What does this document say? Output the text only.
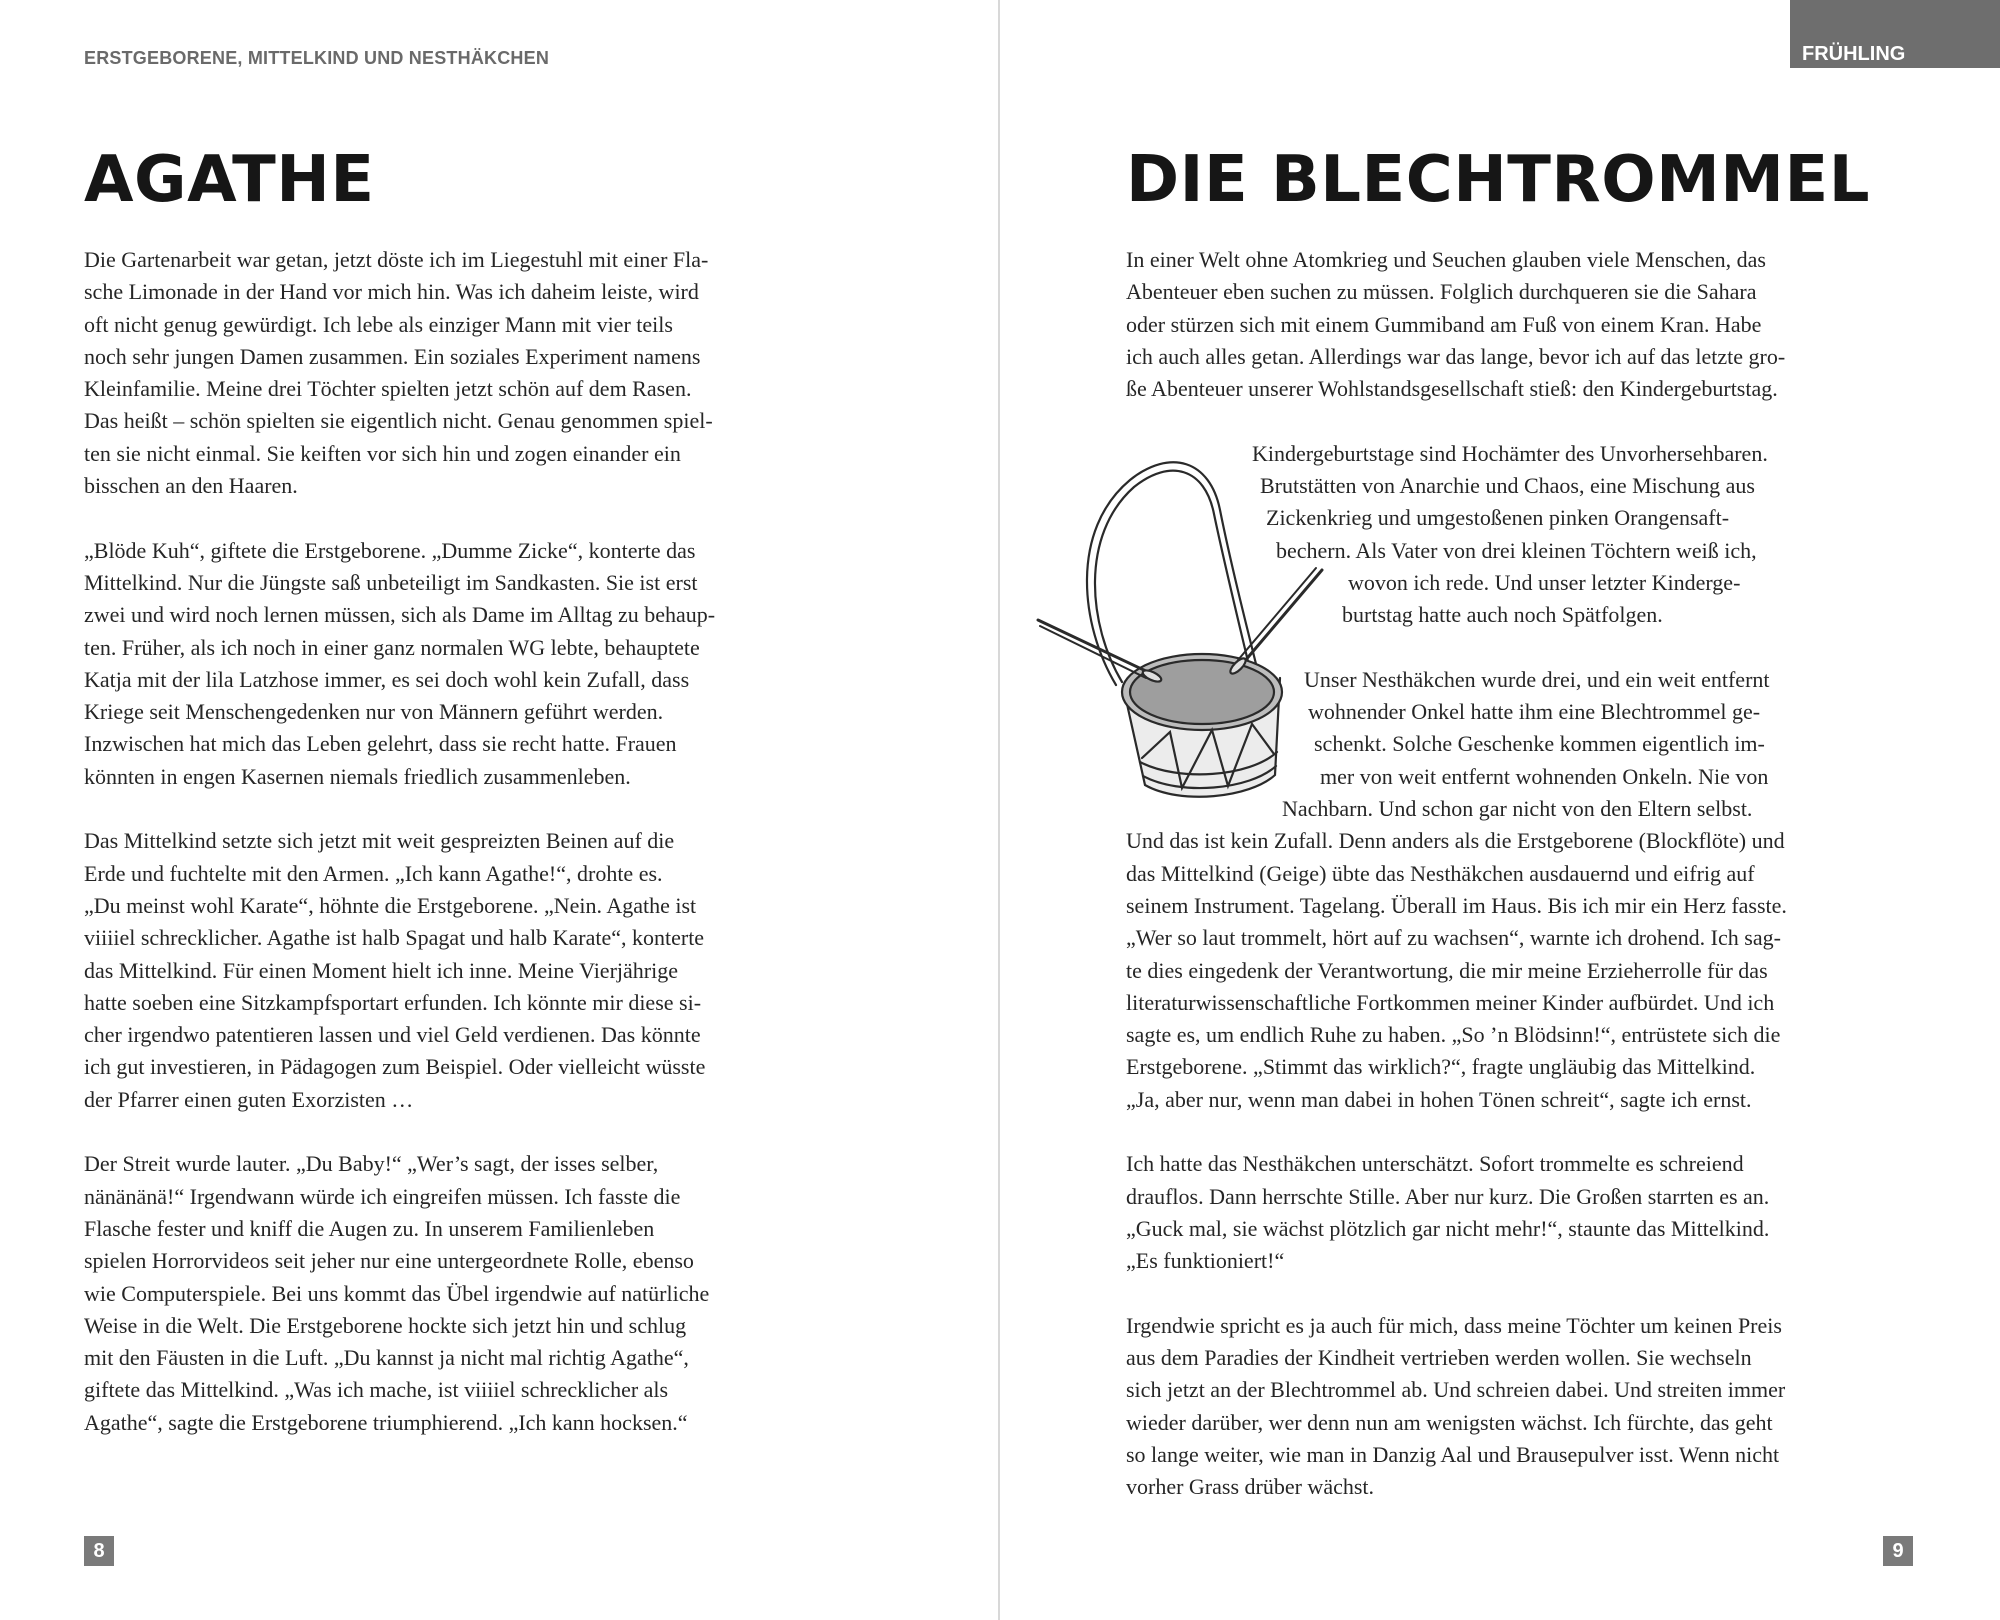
ERSTGEBORENE, MITTELKIND UND NESTHÄKCHEN
AGATHE

Die Gartenarbeit war getan, jetzt döste ich im Liegestuhl mit einer Fla-
sche Limonade in der Hand vor mich hin. Was ich daheim leiste, wird
oft nicht genug gewürdigt. Ich lebe als einziger Mann mit vier teils
noch sehr jungen Damen zusammen. Ein soziales Experiment namens
Kleinfamilie. Meine drei Töchter spielten jetzt schön auf dem Rasen.
Das heißt – schön spielten sie eigentlich nicht. Genau genommen spiel-
ten sie nicht einmal. Sie keiften vor sich hin und zogen einander ein
bisschen an den Haaren.

„Blöde Kuh“, giftete die Erstgeborene. „Dumme Zicke“, konterte das
Mittelkind. Nur die Jüngste saß unbeteiligt im Sandkasten. Sie ist erst
zwei und wird noch lernen müssen, sich als Dame im Alltag zu behaup-
ten. Früher, als ich noch in einer ganz normalen WG lebte, behauptete
Katja mit der lila Latzhose immer, es sei doch wohl kein Zufall, dass
Kriege seit Menschengedenken nur von Männern geführt werden.
Inzwischen hat mich das Leben gelehrt, dass sie recht hatte. Frauen
könnten in engen Kasernen niemals friedlich zusammenleben.

Das Mittelkind setzte sich jetzt mit weit gespreizten Beinen auf die
Erde und fuchtelte mit den Armen. „Ich kann Agathe!“, drohte es.
„Du meinst wohl Karate“, höhnte die Erstgeborene. „Nein. Agathe ist
viiiiel schrecklicher. Agathe ist halb Spagat und halb Karate“, konterte
das Mittelkind. Für einen Moment hielt ich inne. Meine Vierjährige
hatte soeben eine Sitzkampfsportart erfunden. Ich könnte mir diese si-
cher irgendwo patentieren lassen und viel Geld verdienen. Das könnte
ich gut investieren, in Pädagogen zum Beispiel. Oder vielleicht wüsste
der Pfarrer einen guten Exorzisten …

Der Streit wurde lauter. „Du Baby!“ „Wer’s sagt, der isses selber,
nänänänä!“ Irgendwann würde ich eingreifen müssen. Ich fasste die
Flasche fester und kniff die Augen zu. In unserem Familienleben
spielen Horrorvideos seit jeher nur eine untergeordnete Rolle, ebenso
wie Computerspiele. Bei uns kommt das Übel irgendwie auf natürliche
Weise in die Welt. Die Erstgeborene hockte sich jetzt hin und schlug
mit den Fäusten in die Luft. „Du kannst ja nicht mal richtig Agathe“,
giftete das Mittelkind. „Was ich mache, ist viiiiel schrecklicher als
Agathe“, sagte die Erstgeborene triumphierend. „Ich kann hocksen.“

8
FRÜHLING
DIE BLECHTROMMEL

In einer Welt ohne Atomkrieg und Seuchen glauben viele Menschen, das
Abenteuer eben suchen zu müssen. Folglich durchqueren sie die Sahara
oder stürzen sich mit einem Gummiband am Fuß von einem Kran. Habe
ich auch alles getan. Allerdings war das lange, bevor ich auf das letzte gro-
ße Abenteuer unserer Wohlstandsgesellschaft stieß: den Kindergeburtstag.

Kindergeburtstage sind Hochämter des Unvorhersehbaren.
Brutstätten von Anarchie und Chaos, eine Mischung aus
Zickenkrieg und umgestoßenen pinken Orangensaft-
bechern. Als Vater von drei kleinen Töchtern weiß ich,
wovon ich rede. Und unser letzter Kinderge-
burtstag hatte auch noch Spätfolgen.

Unser Nesthäkchen wurde drei, und ein weit entfernt
wohnender Onkel hatte ihm eine Blechtrommel ge-
schenkt. Solche Geschenke kommen eigentlich im-
mer von weit entfernt wohnenden Onkeln. Nie von
Nachbarn. Und schon gar nicht von den Eltern selbst.
Und das ist kein Zufall. Denn anders als die Erstgeborene (Blockflöte) und
das Mittelkind (Geige) übte das Nesthäkchen ausdauernd und eifrig auf
seinem Instrument. Tagelang. Überall im Haus. Bis ich mir ein Herz fasste.
„Wer so laut trommelt, hört auf zu wachsen“, warnte ich drohend. Ich sag-
te dies eingedenk der Verantwortung, die mir meine Erzieherrolle für das
literaturwissenschaftliche Fortkommen meiner Kinder aufbürdet. Und ich
sagte es, um endlich Ruhe zu haben. „So ’n Blödsinn!“, entrüstete sich die
Erstgeborene. „Stimmt das wirklich?“, fragte ungläubig das Mittelkind.
„Ja, aber nur, wenn man dabei in hohen Tönen schreit“, sagte ich ernst.

Ich hatte das Nesthäkchen unterschätzt. Sofort trommelte es schreiend
drauflos. Dann herrschte Stille. Aber nur kurz. Die Großen starrten es an.
„Guck mal, sie wächst plötzlich gar nicht mehr!“, staunte das Mittelkind.
„Es funktioniert!“

Irgendwie spricht es ja auch für mich, dass meine Töchter um keinen Preis
aus dem Paradies der Kindheit vertrieben werden wollen. Sie wechseln
sich jetzt an der Blechtrommel ab. Und schreien dabei. Und streiten immer
wieder darüber, wer denn nun am wenigsten wächst. Ich fürchte, das geht
so lange weiter, wie man in Danzig Aal und Brausepulver isst. Wenn nicht
vorher Grass drüber wächst.

9
